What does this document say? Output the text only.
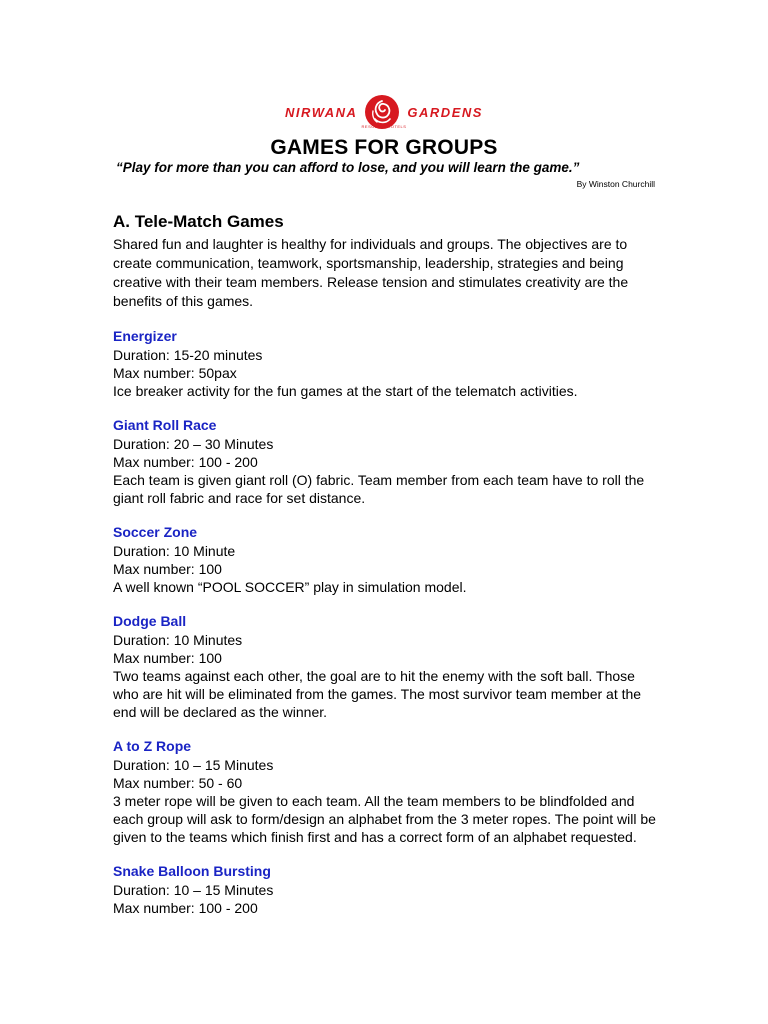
NIRWANA	GARDENS
RESORT & HOTELS
GAMES FOR GROUPS
“Play for more than you can afford to lose, and you will learn the game.”
By Winston Churchill
A. Tele-Match Games

Shared fun and laughter is healthy for individuals and groups. The objectives are to create communication, teamwork, sportsmanship, leadership, strategies and being creative with their team members. Release tension and stimulates creativity are the benefits of this games.

Energizer
Duration: 15-20 minutes
Max number: 50pax
Ice breaker activity for the fun games at the start of the telematch activities.
Giant Roll Race
Duration: 20 – 30 Minutes
Max number: 100 - 200
Each team is given giant roll (O) fabric. Team member from each team have to roll the giant roll fabric and race for set distance.
Soccer Zone
Duration: 10 Minute
Max number: 100
A well known “POOL SOCCER” play in simulation model.
Dodge Ball
Duration: 10 Minutes
Max number: 100
Two teams against each other, the goal are to hit the enemy with the soft ball. Those who are hit will be eliminated from the games. The most survivor team member at the end will be declared as the winner.
A to Z Rope
Duration: 10 – 15 Minutes
Max number: 50 - 60
3 meter rope will be given to each team. All the team members to be blindfolded and each group will ask to form/design an alphabet from the 3 meter ropes. The point will be given to the teams which finish first and has a correct form of an alphabet requested.
Snake Balloon Bursting
Duration: 10 – 15 Minutes
Max number: 100 - 200
